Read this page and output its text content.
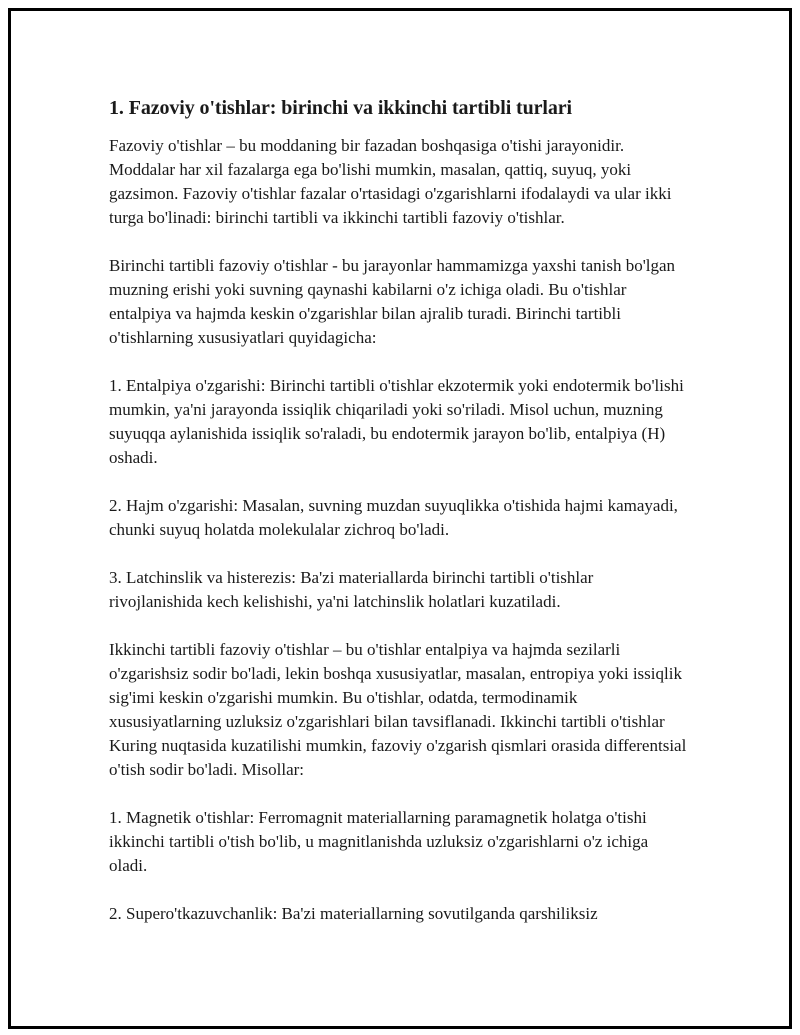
1. Fazoviy o'tishlar: birinchi va ikkinchi tartibli turlari

Fazoviy o'tishlar – bu moddaning bir fazadan boshqasiga o'tishi jarayonidir. Moddalar har xil fazalarga ega bo'lishi mumkin, masalan, qattiq, suyuq, yoki gazsimon. Fazoviy o'tishlar fazalar o'rtasidagi o'zgarishlarni ifodalaydi va ular ikki turga bo'linadi: birinchi tartibli va ikkinchi tartibli fazoviy o'tishlar.

Birinchi tartibli fazoviy o'tishlar - bu jarayonlar hammamizga yaxshi tanish bo'lgan muzning erishi yoki suvning qaynashi kabilarni o'z ichiga oladi. Bu o'tishlar entalpiya va hajmda keskin o'zgarishlar bilan ajralib turadi. Birinchi tartibli o'tishlarning xususiyatlari quyidagicha:

1. Entalpiya o'zgarishi: Birinchi tartibli o'tishlar ekzotermik yoki endotermik bo'lishi mumkin, ya'ni jarayonda issiqlik chiqariladi yoki so'riladi. Misol uchun, muzning suyuqqa aylanishida issiqlik so'raladi, bu endotermik jarayon bo'lib, entalpiya (H) oshadi.

2. Hajm o'zgarishi: Masalan, suvning muzdan suyuqlikka o'tishida hajmi kamayadi, chunki suyuq holatda molekulalar zichroq bo'ladi.

3. Latchinslik va histerezis: Ba'zi materiallarda birinchi tartibli o'tishlar rivojlanishida kech kelishishi, ya'ni latchinslik holatlari kuzatiladi.

Ikkinchi tartibli fazoviy o'tishlar – bu o'tishlar entalpiya va hajmda sezilarli o'zgarishsiz sodir bo'ladi, lekin boshqa xususiyatlar, masalan, entropiya yoki issiqlik sig'imi keskin o'zgarishi mumkin. Bu o'tishlar, odatda, termodinamik xususiyatlarning uzluksiz o'zgarishlari bilan tavsiflanadi. Ikkinchi tartibli o'tishlar Kuring nuqtasida kuzatilishi mumkin, fazoviy o'zgarish qismlari orasida differentsial o'tish sodir bo'ladi. Misollar:

1. Magnetik o'tishlar: Ferromagnit materiallarning paramagnetik holatga o'tishi ikkinchi tartibli o'tish bo'lib, u magnitlanishda uzluksiz o'zgarishlarni o'z ichiga oladi.

2. Supero'tkazuvchanlik: Ba'zi materiallarning sovutilganda qarshiliksiz
